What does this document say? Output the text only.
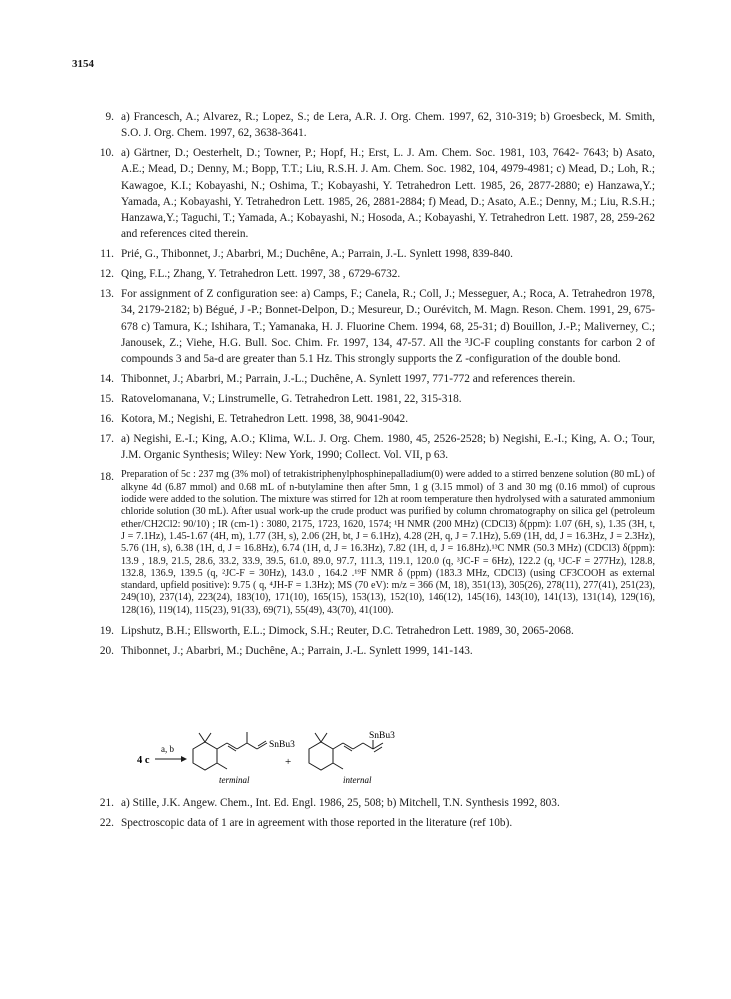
3154
9. a) Francesch, A.; Alvarez, R.; Lopez, S.; de Lera, A.R. J. Org. Chem. 1997, 62, 310-319; b) Groesbeck, M. Smith, S.O. J. Org. Chem. 1997, 62, 3638-3641.
10. a) Gärtner, D.; Oesterhelt, D.; Towner, P.; Hopf, H.; Erst, L. J. Am. Chem. Soc. 1981, 103, 7642- 7643; b) Asato, A.E.; Mead, D.; Denny, M.; Bopp, T.T.; Liu, R.S.H. J. Am. Chem. Soc. 1982, 104, 4979-4981; c) Mead, D.; Loh, R.; Kawagoe, K.I.; Kobayashi, N.; Oshima, T.; Kobayashi, Y. Tetrahedron Lett. 1985, 26, 2877-2880; e) Hanzawa,Y.; Yamada, A.; Kobayashi, Y. Tetrahedron Lett. 1985, 26, 2881-2884; f) Mead, D.; Asato, A.E.; Denny, M.; Liu, R.S.H.; Hanzawa,Y.; Taguchi, T.; Yamada, A.; Kobayashi, N.; Hosoda, A.; Kobayashi, Y. Tetrahedron Lett. 1987, 28, 259-262 and references cited therein.
11. Prié, G., Thibonnet, J.; Abarbri, M.; Duchêne, A.; Parrain, J.-L. Synlett 1998, 839-840.
12. Qing, F.L.; Zhang, Y. Tetrahedron Lett. 1997, 38 , 6729-6732.
13. For assignment of Z configuration see: a) Camps, F.; Canela, R.; Coll, J.; Messeguer, A.; Roca, A. Tetrahedron 1978, 34, 2179-2182; b) Bégué, J -P.; Bonnet-Delpon, D.; Mesureur, D.; Ourévitch, M. Magn. Reson. Chem. 1991, 29, 675-678 c) Tamura, K.; Ishihara, T.; Yamanaka, H. J. Fluorine Chem. 1994, 68, 25-31; d) Bouillon, J.-P.; Maliverney, C.; Janousek, Z.; Viehe, H.G. Bull. Soc. Chim. Fr. 1997, 134, 47-57. All the ³JC-F coupling constants for carbon 2 of compounds 3 and 5a-d are greater than 5.1 Hz. This strongly supports the Z -configuration of the double bond.
14. Thibonnet, J.; Abarbri, M.; Parrain, J.-L.; Duchêne, A. Synlett 1997, 771-772 and references therein.
15. Ratovelomanana, V.; Linstrumelle, G. Tetrahedron Lett. 1981, 22, 315-318.
16. Kotora, M.; Negishi, E. Tetrahedron Lett. 1998, 38, 9041-9042.
17. a) Negishi, E.-I.; King, A.O.; Klima, W.L. J. Org. Chem. 1980, 45, 2526-2528; b) Negishi, E.-I.; King, A. O.; Tour, J.M. Organic Synthesis; Wiley: New York, 1990; Collect. Vol. VII, p 63.
18. Preparation of 5c : 237 mg (3% mol) of tetrakistriphenylphosphinepalladium(0) were added to a stirred benzene solution (80 mL) of alkyne 4d (6.87 mmol) and 0.68 mL of n-butylamine then after 5mn, 1 g (3.15 mmol) of 3 and 30 mg (0.16 mmol) of cuprous iodide were added to the solution. The mixture was stirred for 12h at room temperature then hydrolysed with a saturated ammonium chloride solution (30 mL). After usual work-up the crude product was purified by column chromatography on silica gel (petroleum ether/CH2Cl2: 90/10) ; IR (cm-1) : 3080, 2175, 1723, 1620, 1574; ¹H NMR (200 MHz) (CDCl3) δ(ppm): 1.07 (6H, s), 1.35 (3H, t, J = 7.1Hz), 1.45-1.67 (4H, m), 1.77 (3H, s), 2.06 (2H, bt, J = 6.1Hz), 4.28 (2H, q, J = 7.1Hz), 5.69 (1H, dd, J = 16.3Hz, J = 2.3Hz), 5.76 (1H, s), 6.38 (1H, d, J = 16.8Hz), 6.74 (1H, d, J = 16.3Hz), 7.82 (1H, d, J = 16.8Hz).¹³C NMR (50.3 MHz) (CDCl3) δ(ppm): 13.9 , 18.9, 21.5, 28.6, 33.2, 33.9, 39.5, 61.0, 89.0, 97.7, 111.3, 119.1, 120.0 (q, ³JC-F = 6Hz), 122.2 (q, ¹JC-F = 277Hz), 128.8, 132.8, 136.9, 139.5 (q, ²JC-F = 30Hz), 143.0 , 164.2 .¹⁹F NMR δ (ppm) (183.3 MHz, CDCl3) (using CF3COOH as external standard, upfield positive): 9.75 ( q, ⁴JH-F = 1.3Hz); MS (70 eV): m/z = 366 (M, 18), 351(13), 305(26), 278(11), 277(41), 251(23), 249(10), 237(14), 223(24), 183(10), 171(10), 165(15), 153(13), 152(10), 146(12), 145(16), 143(10), 141(13), 131(14), 129(16), 128(16), 119(14), 115(23), 91(33), 69(71), 55(49), 43(70), 41(100).
19. Lipshutz, B.H.; Ellsworth, E.L.; Dimock, S.H.; Reuter, D.C. Tetrahedron Lett. 1989, 30, 2065-2068.
20. Thibonnet, J.; Abarbri, M.; Duchêne, A.; Parrain, J.-L. Synlett 1999, 141-143.
4 c
a, b	SnBu3
terminal
+
SnBu3
internal
21. a) Stille, J.K. Angew. Chem., Int. Ed. Engl. 1986, 25, 508; b) Mitchell, T.N. Synthesis 1992, 803.
22. Spectroscopic data of 1 are in agreement with those reported in the literature (ref 10b).
